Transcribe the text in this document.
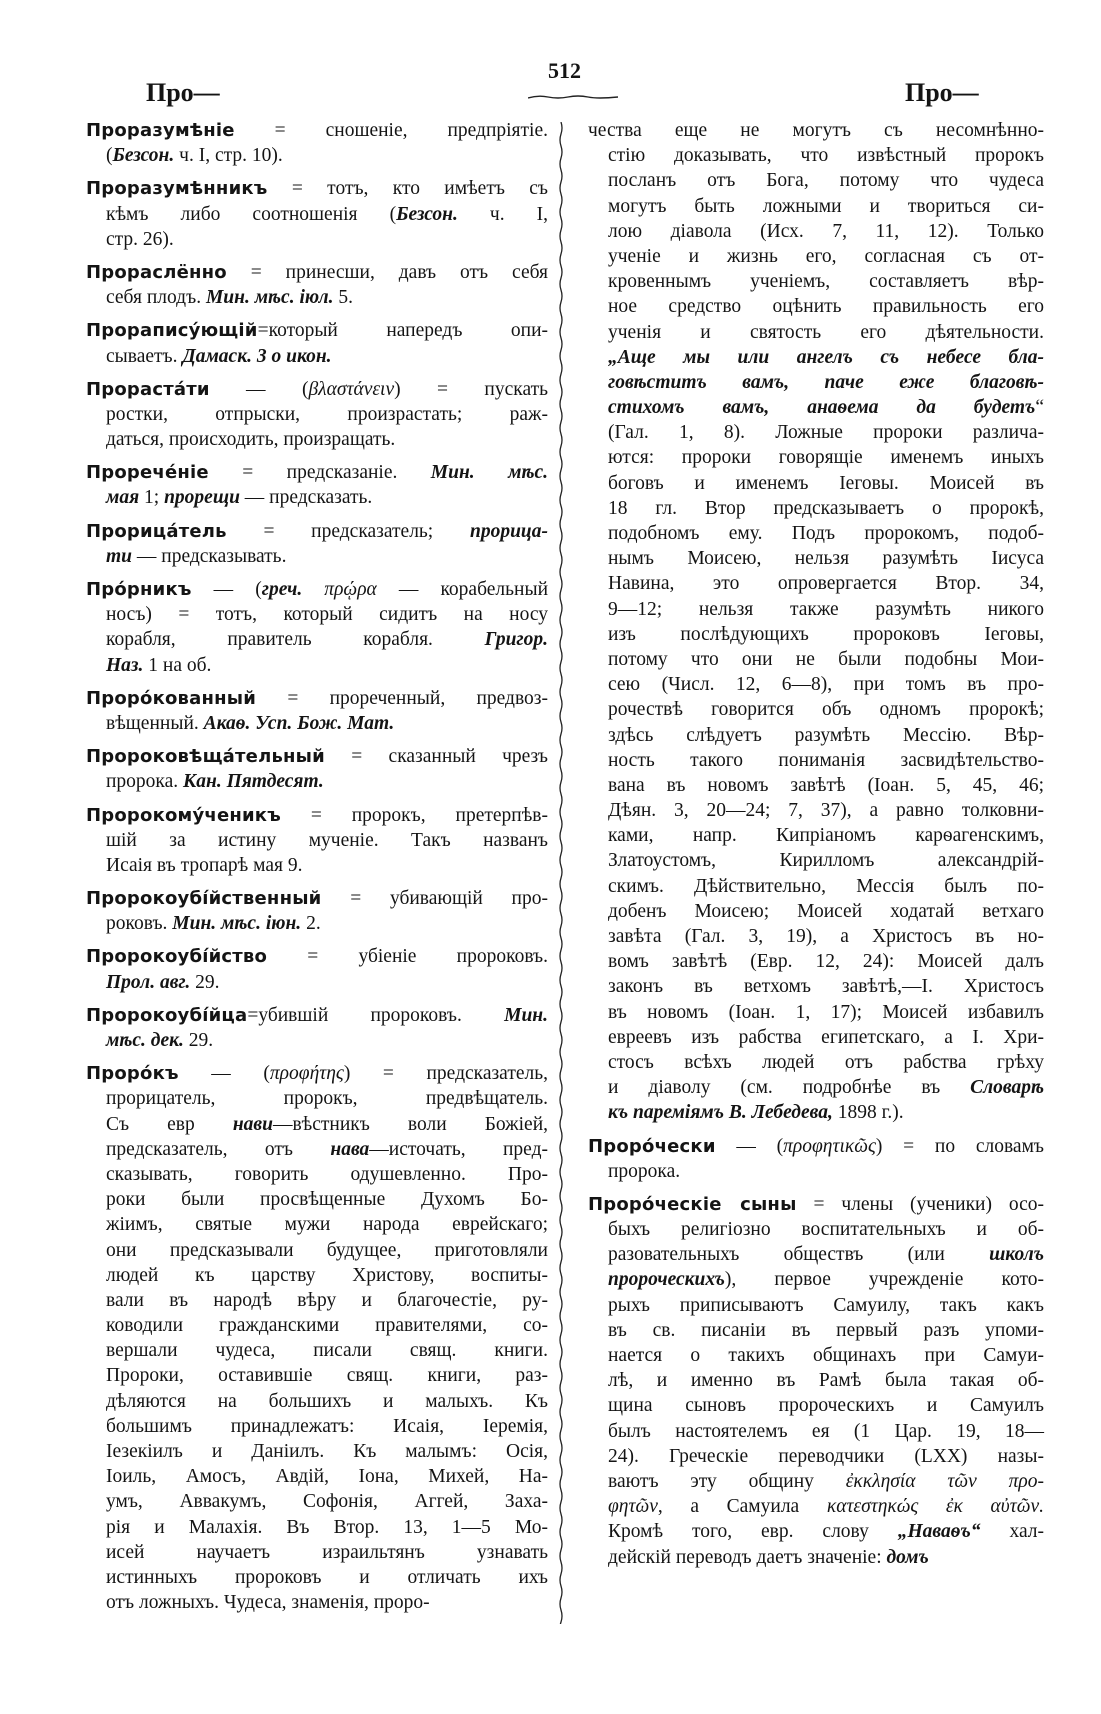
Про—
512
Про—
Проразумѣніе = сношеніе, предпріятіе.
(Безсон. ч. I, стр. 10).
Проразумѣнникъ = тотъ, кто имѣетъ съ
кѣмъ либо соотношенія (Безсон. ч. I,
стр. 26).
Прораслённо = принесши, давъ отъ себя
себя плодъ. Мин. мѣс. іюл. 5.
Прорапису́ющій=который напередъ опи-
сываетъ. Дамаск. 3 о икон.
Прораста́ти — (βλαστάνειν) = пускать
ростки, отпрыски, произрастать; раж-
даться, происходить, произращать.
Прорече́ніе = предсказаніе. Мин. мѣс.
мая 1; прорещи — предсказать.
Прорица́тель = предсказатель; прорица-
ти — предсказывать.
Про́рникъ — (греч. πρῴρα — корабельный
носъ) = тотъ, который сидитъ на носу
корабля, правитель корабля. Григор.
Наз. 1 на об.
Проро́кованный = прореченный, предвоз-
вѣщенный. Акаѳ. Усп. Бож. Мат.
Пророковѣща́тельный = сказанный чрезъ
пророка. Кан. Пятдесят.
Пророкому́ченикъ = пророкъ, претерпѣв-
шій за истину мученіе. Такъ названъ
Исаія въ тропарѣ мая 9.
Пророкоубі́йственный = убивающій про-
роковъ. Мин. мѣс. іюн. 2.
Пророкоубі́йство = убіеніе пророковъ.
Прол. авг. 29.
Пророкоубі́йца=убившій пророковъ. Мин.
мѣс. дек. 29.
Проро́къ — (προφήτης) = предсказатель,
прорицатель, пророкъ, предвѣщатель.
Съ евр нави—вѣстникъ воли Божіей,
предсказатель, отъ нава—источать, пред-
сказывать, говорить одушевленно. Про-
роки были просвѣщенные Духомъ Бо-
жіимъ, святые мужи народа еврейскаго;
они предсказывали будущее, приготовляли
людей къ царству Христову, воспиты-
вали въ народѣ вѣру и благочестіе, ру-
ководили гражданскими правителями, со-
вершали чудеса, писали свящ. книги.
Пророки, оставившіе свящ. книги, раз-
дѣляются на большихъ и малыхъ. Къ
большимъ принадлежатъ: Исаія, Іеремія,
Іезекіилъ и Даніилъ. Къ малымъ: Осія,
Іоиль, Амосъ, Авдій, Іона, Михей, На-
умъ, Аввакумъ, Софонія, Аггей, Заха-
рія и Малахія. Въ Втор. 13, 1—5 Мо-
исей научаетъ израильтянъ узнавать
истинныхъ пророковъ и отличать ихъ
отъ ложныхъ. Чудеса, знаменія, проро-
чества еще не могутъ съ несомнѣнно-
стію доказывать, что извѣстный пророкъ
посланъ отъ Бога, потому что чудеса
могутъ быть ложными и твориться си-
лою діавола (Исх. 7, 11, 12). Только
ученіе и жизнь его, согласная съ от-
кровеннымъ ученіемъ, составляетъ вѣр-
ное средство оцѣнить правильность его
ученія и святость его дѣятельности.
„Аще мы или ангелъ съ небесе бла-
говѣститъ вамъ, паче еже благовѣ-
стихомъ вамъ, анаѳема да будетъ“
(Гал. 1, 8). Ложные пророки различа-
ются: пророки говорящіе именемъ иныхъ
боговъ и именемъ Іеговы. Моисей въ
18 гл. Втор предсказываетъ о пророкѣ,
подобномъ ему. Подъ пророкомъ, подоб-
нымъ Моисею, нельзя разумѣть Іисуса
Навина, это опровергается Втор. 34,
9—12; нельзя также разумѣть никого
изъ послѣдующихъ пророковъ Іеговы,
потому что они не были подобны Мои-
сею (Числ. 12, 6—8), при томъ въ про-
рочествѣ говорится объ одномъ пророкѣ;
здѣсь слѣдуетъ разумѣть Мессію. Вѣр-
ность такого пониманія засвидѣтельство-
вана въ новомъ завѣтѣ (Іоан. 5, 45, 46;
Дѣян. 3, 20—24; 7, 37), а равно толковни-
ками, напр. Кипріаномъ карѳагенскимъ,
Златоустомъ, Кирилломъ александрій-
скимъ. Дѣйствительно, Мессія былъ по-
добенъ Моисею; Моисей ходатай ветхаго
завѣта (Гал. 3, 19), а Христосъ въ но-
вомъ завѣтѣ (Евр. 12, 24): Моисей далъ
законъ въ ветхомъ завѣтѣ,—І. Христосъ
въ новомъ (Іоан. 1, 17); Моисей избавилъ
евреевъ изъ рабства египетскаго, а І. Хри-
стосъ всѣхъ людей отъ рабства грѣху
и діаволу (см. подробнѣе въ Словарѣ
къ пареміямъ В. Лебедева, 1898 г.).
Проро́чески — (προφητικῶς) = по словамъ
пророка.
Проро́ческіе сыны = члены (ученики) осо-
быхъ религіозно воспитательныхъ и об-
разовательныхъ обществъ (или школъ
пророческихъ), первое учрежденіе кото-
рыхъ приписываютъ Самуилу, такъ какъ
въ св. писаніи въ первый разъ упоми-
нается о такихъ общинахъ при Самуи-
лѣ, и именно въ Рамѣ была такая об-
щина сыновъ пророческихъ и Самуилъ
былъ настоятелемъ ея (1 Цар. 19, 18—
24). Греческіе переводчики (LXX) назы-
ваютъ эту общину ἐκκλησία τῶν προ-
φητῶν, а Самуила κατεστηκώς ἐκ αὐτῶν.
Кромѣ того, евр. слову „Наваѳъ“ хал-
дейскій переводъ даетъ значеніе: домъ
